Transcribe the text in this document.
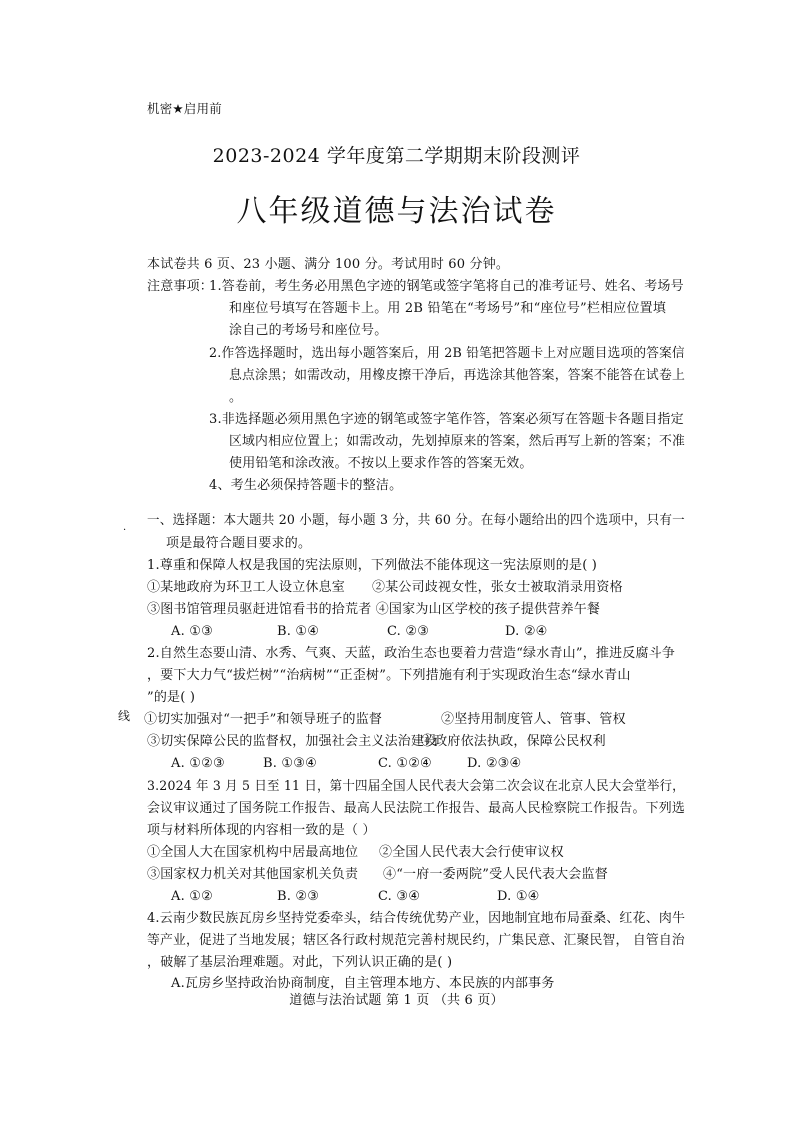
机密★启用前
2023-2024 学年度第二学期期末阶段测评
八年级道德与法治试卷
本试卷共 6 页、23 小题、满分 100 分。考试用时 60 分钟。
注意事项：
1.答卷前，考生务必用黑色字迹的钢笔或签字笔将自己的准考证号、姓名、考场号
和座位号填写在答题卡上。用 2B 铅笔在“考场号”和“座位号”栏相应位置填
涂自己的考场号和座位号。
2.作答选择题时，选出每小题答案后，用 2B 铅笔把答题卡上对应题目选项的答案信
息点涂黑；如需改动，用橡皮擦干净后，再选涂其他答案，答案不能答在试卷上
。
3.非选择题必须用黑色字迹的钢笔或签字笔作答，答案必须写在答题卡各题目指定
区域内相应位置上；如需改动，先划掉原来的答案，然后再写上新的答案；不准
使用铅笔和涂改液。不按以上要求作答的答案无效。
4、考生必须保持答题卡的整洁。
·
一、选择题：本大题共 20 小题，每小题 3 分，共 60 分。在每小题给出的四个选项中，只有一
项是最符合题目要求的。
1.尊重和保障人权是我国的宪法原则，下列做法不能体现这一宪法原则的是( )
①某地政府为环卫工人设立休息室 ②某公司歧视女性，张女士被取消录用资格
③图书馆管理员驱赶进馆看书的拾荒者 ④国家为山区学校的孩子提供营养午餐
A. ①③	B. ①④	C. ②③	D. ②④
2.自然生态要山清、水秀、气爽、天蓝，政治生态也要着力营造“绿水青山”，推进反腐斗争
，要下大力气“拔烂树”“治病树”“正歪树”。下列措施有利于实现政治生态“绿水青山
”的是( )
线 ①切实加强对“一把手”和领导班子的监督	②坚持用制度管人、管事、管权
③切实保障公民的监督权，加强社会主义法治建设
④政府依法执政，保障公民权利
A. ①②③	B. ①③④	C. ①②④	D. ②③④
3.2024 年 3 月 5 日至 11 日，第十四届全国人民代表大会第二次会议在北京人民大会堂举行，
会议审议通过了国务院工作报告、最高人民法院工作报告、最高人民检察院工作报告。下列选
项与材料所体现的内容相一致的是（ ）
①全国人大在国家机构中居最高地位 ②全国人民代表大会行使审议权
③国家权力机关对其他国家机关负责 ④“一府一委两院”受人民代表大会监督
A. ①②	B. ②③	C. ③④	D. ①④
4.云南少数民族瓦房乡坚持党委牵头，结合传统优势产业，因地制宜地布局蚕桑、红花、肉牛
等产业，促进了当地发展；辖区各行政村规范完善村规民约，广集民意、汇聚民智， 自管自治
，破解了基层治理难题。对此，下列认识正确的是( )
A.瓦房乡坚持政治协商制度，自主管理本地方、本民族的内部事务
道德与法治试题 第 1 页 （共 6 页）
